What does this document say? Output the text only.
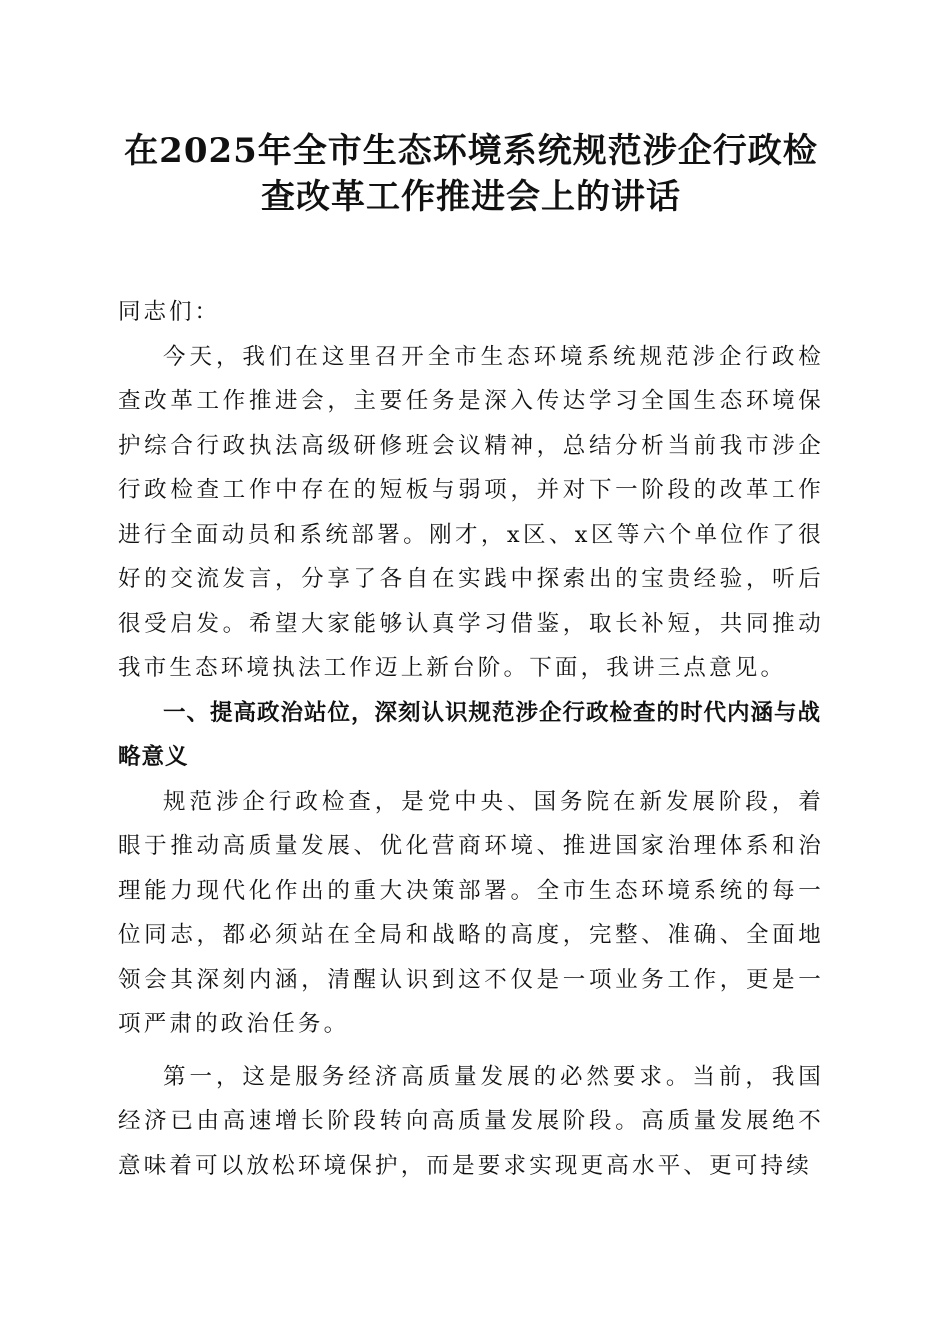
在2025年全市生态环境系统规范涉企行政检
查改革工作推进会上的讲话

同志们：

今天，我们在这里召开全市生态环境系统规范涉企行政检查改革工作推进会，主要任务是深入传达学习全国生态环境保护综合行政执法高级研修班会议精神，总结分析当前我市涉企行政检查工作中存在的短板与弱项，并对下一阶段的改革工作进行全面动员和系统部署。刚才，x区、x区等六个单位作了很好的交流发言，分享了各自在实践中探索出的宝贵经验，听后很受启发。希望大家能够认真学习借鉴，取长补短，共同推动我市生态环境执法工作迈上新台阶。下面，我讲三点意见。

一、提高政治站位，深刻认识规范涉企行政检查的时代内涵与战略意义

规范涉企行政检查，是党中央、国务院在新发展阶段，着眼于推动高质量发展、优化营商环境、推进国家治理体系和治理能力现代化作出的重大决策部署。全市生态环境系统的每一位同志，都必须站在全局和战略的高度，完整、准确、全面地领会其深刻内涵，清醒认识到这不仅是一项业务工作，更是一项严肃的政治任务。

第一，这是服务经济高质量发展的必然要求。当前，我国经济已由高速增长阶段转向高质量发展阶段。高质量发展绝不意味着可以放松环境保护，而是要求实现更高水平、更可持续
